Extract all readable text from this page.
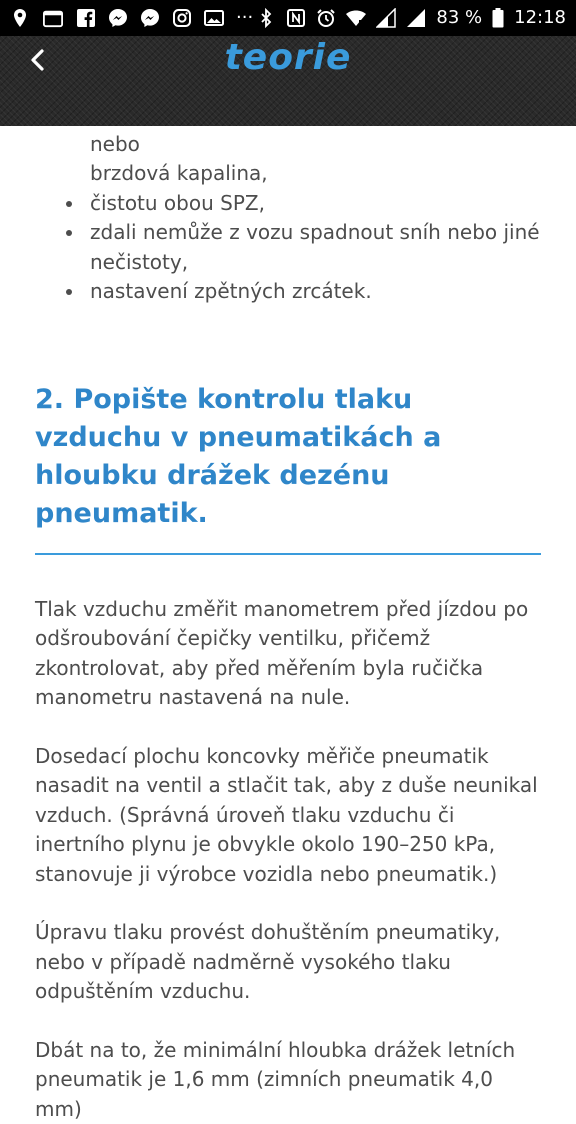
···	83 % 12:18
teorie
nebo
brzdová kapalina,
čistotu obou SPZ,
zdali nemůže z vozu spadnout sníh nebo jiné nečistoty,
nastavení zpětných zrcátek.
2. Popište kontrolu tlaku vzduchu v pneumatikách a hloubku drážek dezénu pneumatik.

Tlak vzduchu změřit manometrem před jízdou po odšroubování čepičky ventilku, přičemž zkontrolovat, aby před měřením byla ručička manometru nastavená na nule.

Dosedací plochu koncovky měřiče pneumatik nasadit na ventil a stlačit tak, aby z duše neunikal vzduch. (Správná úroveň tlaku vzduchu či inertního plynu je obvykle okolo 190–250 kPa, stanovuje ji výrobce vozidla nebo pneumatik.)

Úpravu tlaku provést dohuštěním pneumatiky, nebo v případě nadměrně vysokého tlaku odpuštěním vzduchu.

Dbát na to, že minimální hloubka drážek letních pneumatik je 1,6 mm (zimních pneumatik 4,0 mm)
